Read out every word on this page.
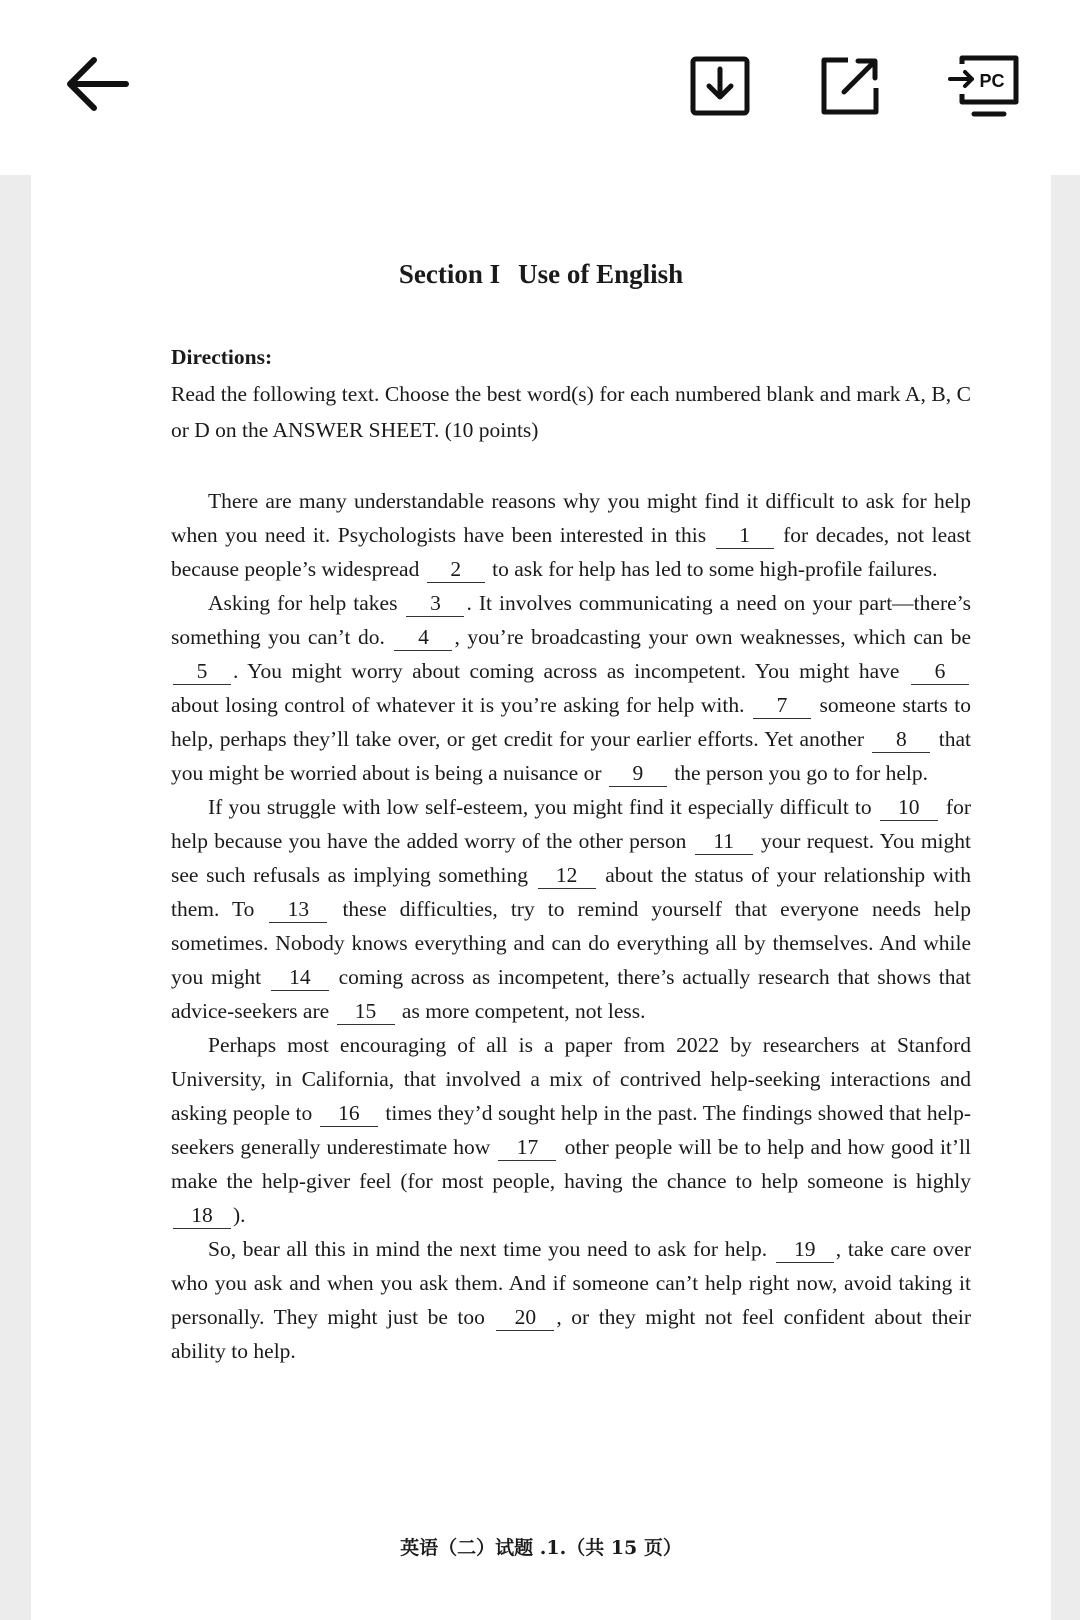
PC
Section I Use of English

Directions:

Read the following text. Choose the best word(s) for each numbered blank and mark A, B, C or D on the ANSWER SHEET. (10 points)

There are many understandable reasons why you might find it difficult to ask for help when you need it. Psychologists have been interested in this 1 for decades, not least because people’s widespread 2 to ask for help has led to some high-profile failures.

Asking for help takes 3 . It involves communicating a need on your part—there’s something you can’t do. 4 , you’re broadcasting your own weaknesses, which can be 5 . You might worry about coming across as incompetent. You might have 6 about losing control of whatever it is you’re asking for help with. 7 someone starts to help, perhaps they’ll take over, or get credit for your earlier efforts. Yet another 8 that you might be worried about is being a nuisance or 9 the person you go to for help.

If you struggle with low self-esteem, you might find it especially difficult to 10 for help because you have the added worry of the other person 11 your request. You might see such refusals as implying something 12 about the status of your relationship with them. To 13 these difficulties, try to remind yourself that everyone needs help sometimes. Nobody knows everything and can do everything all by themselves. And while you might 14 coming across as incompetent, there’s actually research that shows that advice-seekers are 15 as more competent, not less.

Perhaps most encouraging of all is a paper from 2022 by researchers at Stanford University, in California, that involved a mix of contrived help-seeking interactions and asking people to 16 times they’d sought help in the past. The findings showed that help-seekers generally underestimate how 17 other people will be to help and how good it’ll make the help-giver feel (for most people, having the chance to help someone is highly 18 ).

So, bear all this in mind the next time you need to ask for help. 19 , take care over who you ask and when you ask them. And if someone can’t help right now, avoid taking it personally. They might just be too 20 , or they might not feel confident about their ability to help.

英语（二）试题 .1.（共 15 页）
